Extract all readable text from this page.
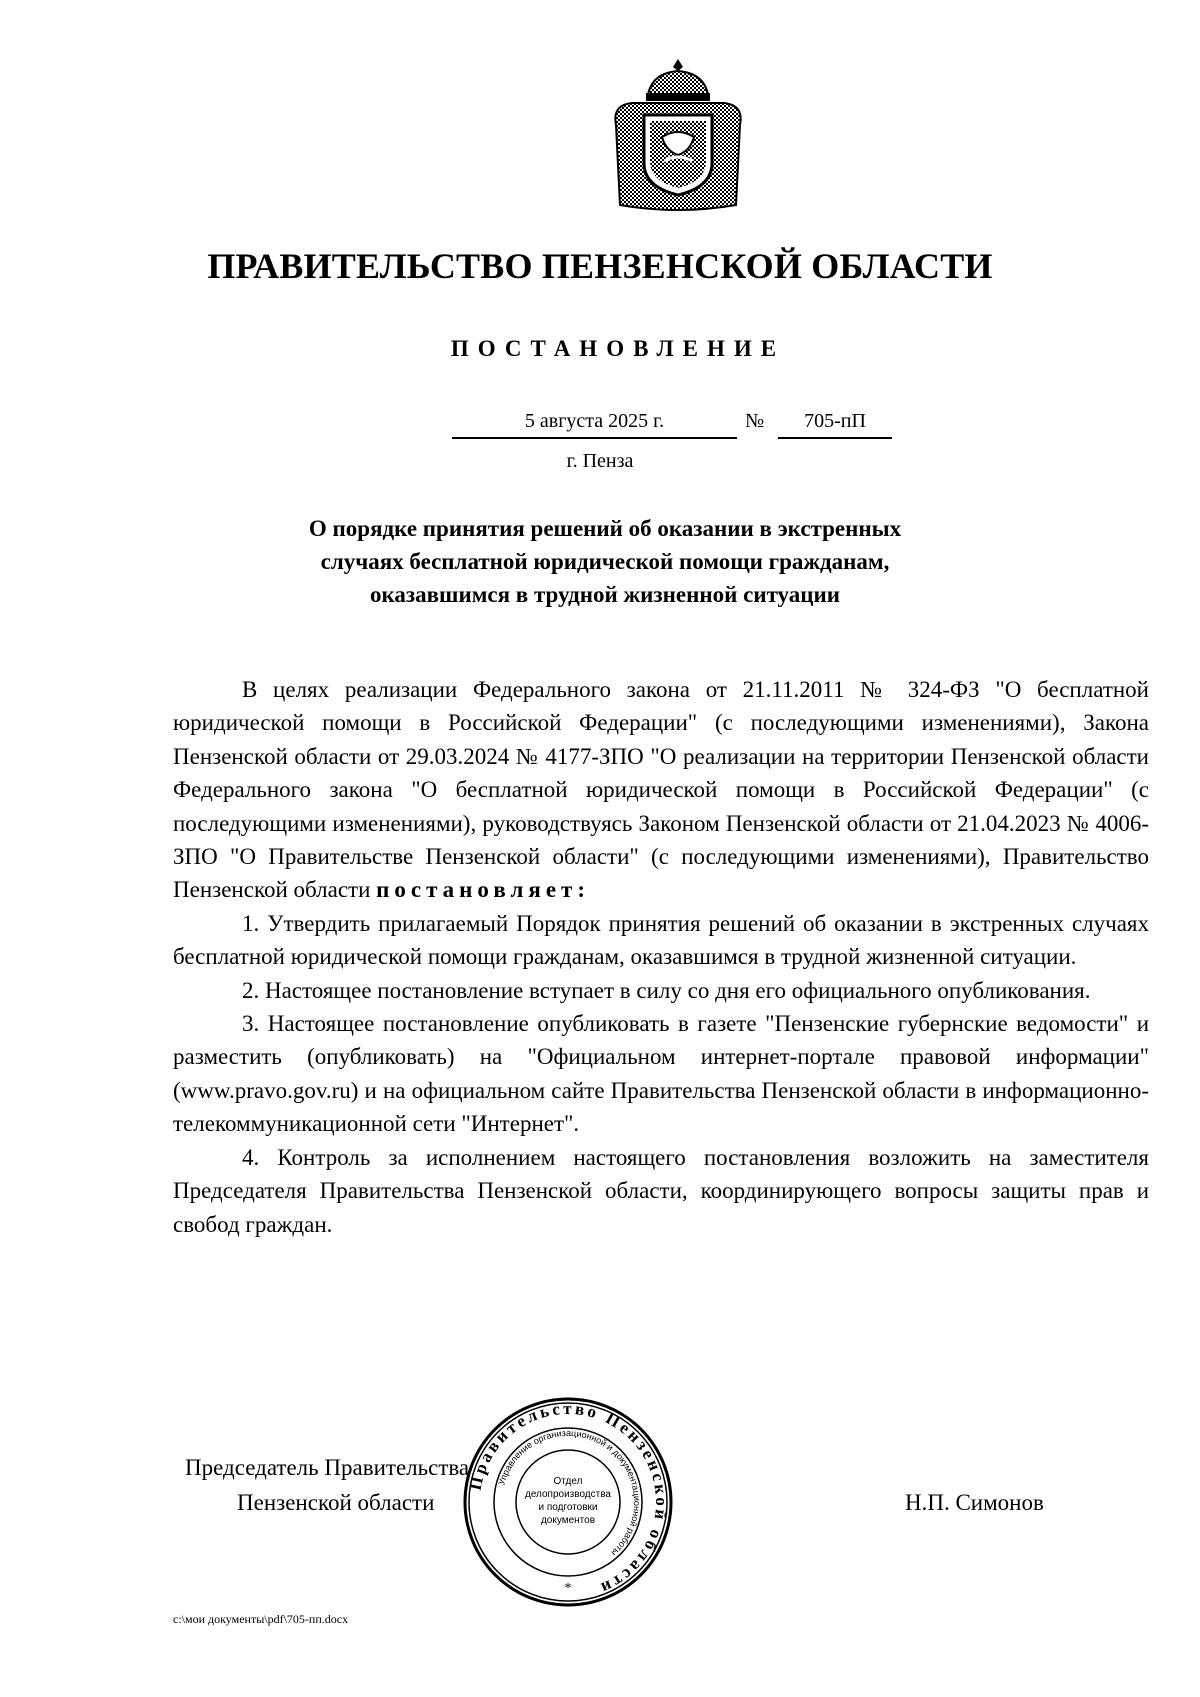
ПРАВИТЕЛЬСТВО ПЕНЗЕНСКОЙ ОБЛАСТИ
ПОСТАНОВЛЕНИЕ
5 августа 2025 г.	№	705-пП
г. Пенза
О порядке принятия решений об оказании в экстренных
случаях бесплатной юридической помощи гражданам,
оказавшимся в трудной жизненной ситуации

В целях реализации Федерального закона от 21.11.2011 № 324-ФЗ "О бесплатной юридической помощи в Российской Федерации" (с последующими изменениями), Закона Пензенской области от 29.03.2024 № 4177-ЗПО "О реализации на территории Пензенской области Федерального закона "О бесплатной юридической помощи в Российской Федерации" (с последующими изменениями), руководствуясь Законом Пензенской области от 21.04.2023 № 4006-ЗПО "О Правительстве Пензенской области" (с последующими изменениями), Правительство Пензенской области постановляет:

1. Утвердить прилагаемый Порядок принятия решений об оказании в экстренных случаях бесплатной юридической помощи гражданам, оказавшимся в трудной жизненной ситуации.

2. Настоящее постановление вступает в силу со дня его официального опубликования.

3. Настоящее постановление опубликовать в газете "Пензенские губернские ведомости" и разместить (опубликовать) на "Официальном интернет-портале правовой информации" (www.pravo.gov.ru) и на официальном сайте Правительства Пензенской области в информационно-телекоммуникационной сети "Интернет".

4. Контроль за исполнением настоящего постановления возложить на заместителя Председателя Правительства Пензенской области, координирующего вопросы защиты прав и свобод граждан.

Председатель Правительства
Пензенской области	Н.П. Симонов
Правительство Пензенской области
Управление организационной и документационной работы
Отдел
делопроизводства
и подготовки
документов
*
c:\мои документы\pdf\705-пп.docx
